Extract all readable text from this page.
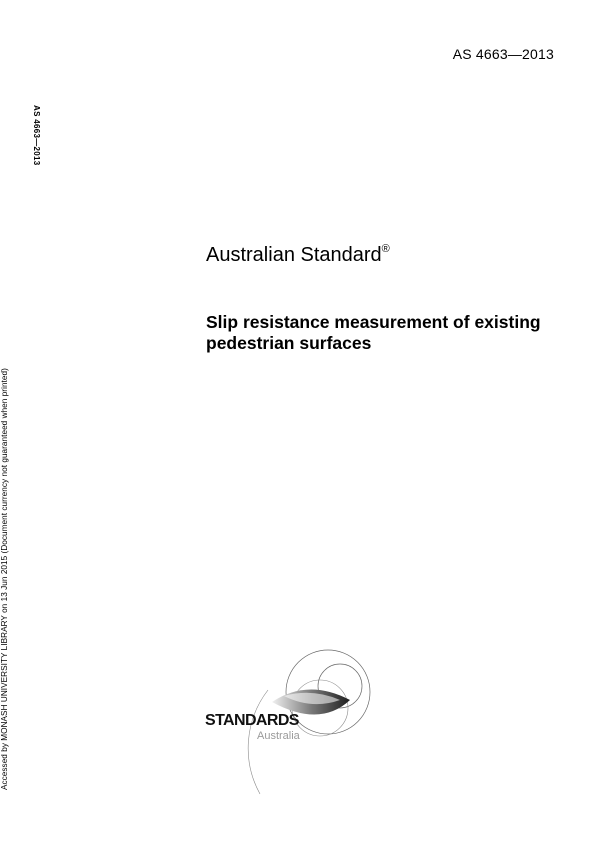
AS 4663—2013
AS 4663—2013
Accessed by MONASH UNIVERSITY LIBRARY on 13 Jun 2015 (Document currency not guaranteed when printed)
Australian Standard®
Slip resistance measurement of existing
pedestrian surfaces
STANDARDS
Australia
